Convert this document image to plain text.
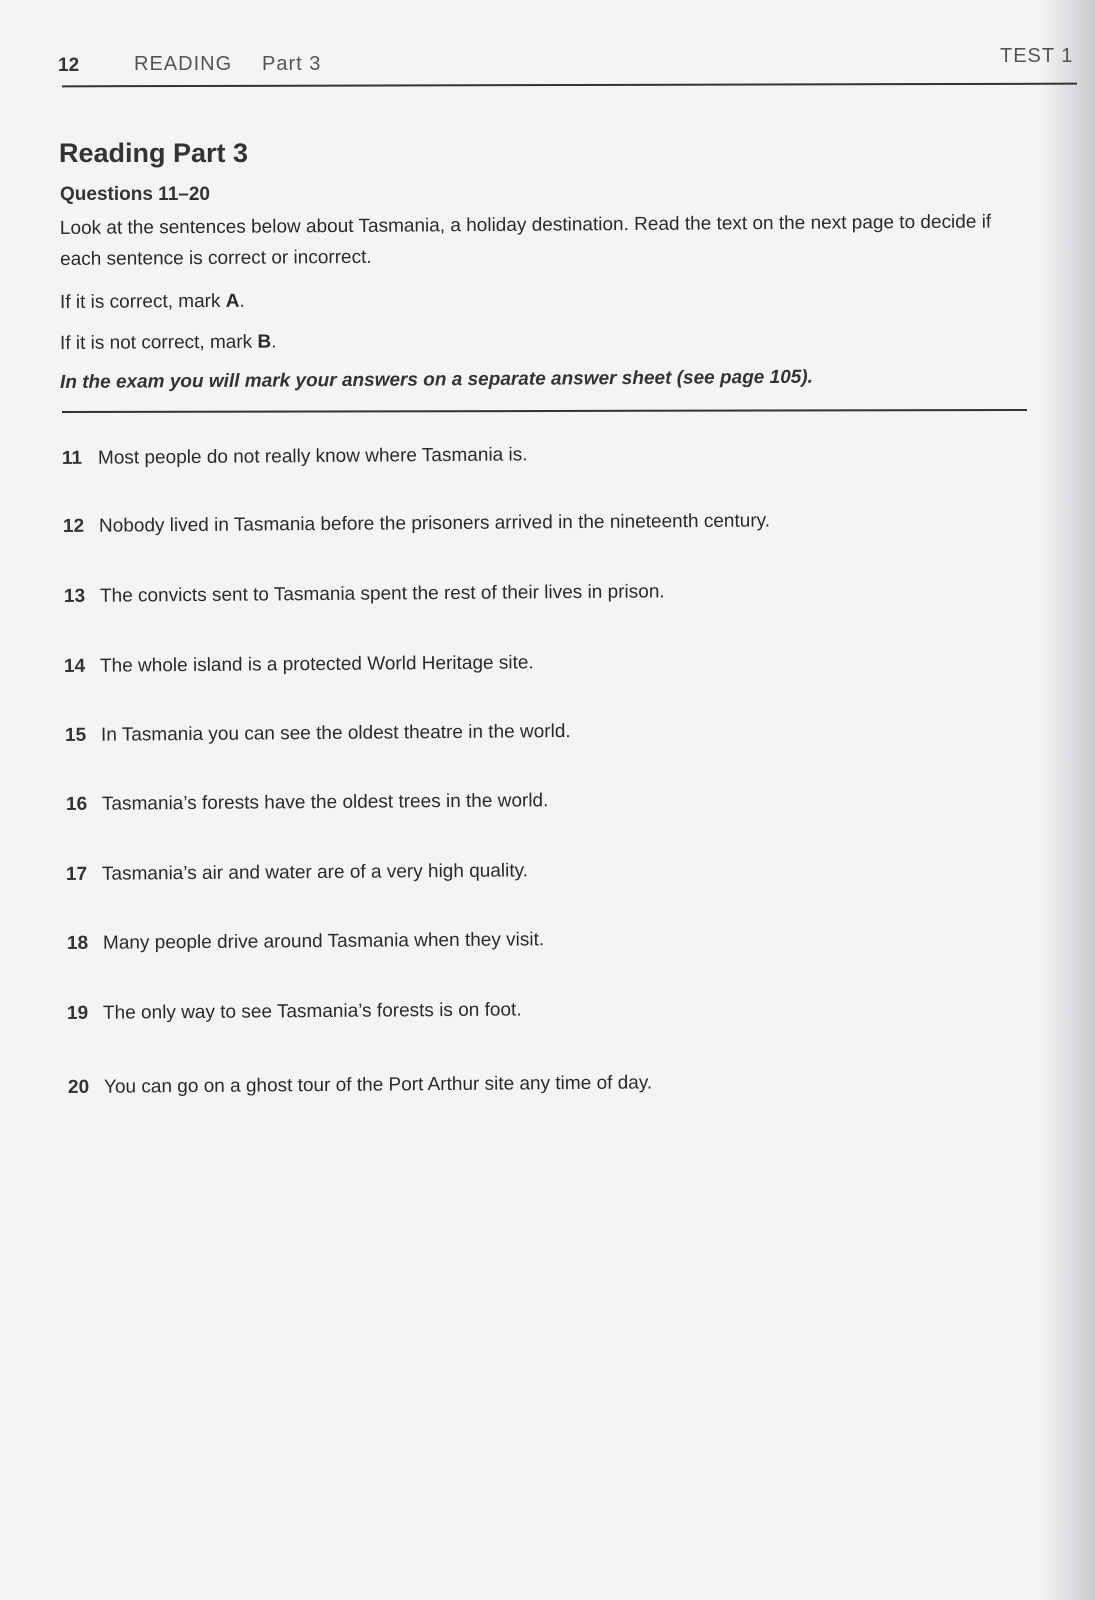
12	READING Part 3	TEST 1
Reading Part 3
Questions 11–20
Look at the sentences below about Tasmania, a holiday destination. Read the text on the next page to decide if each sentence is correct or incorrect.
If it is correct, mark A.
If it is not correct, mark B.
In the exam you will mark your answers on a separate answer sheet (see page 105).
11 Most people do not really know where Tasmania is.
12 Nobody lived in Tasmania before the prisoners arrived in the nineteenth century.
13 The convicts sent to Tasmania spent the rest of their lives in prison.
14 The whole island is a protected World Heritage site.
15 In Tasmania you can see the oldest theatre in the world.
16 Tasmania’s forests have the oldest trees in the world.
17 Tasmania’s air and water are of a very high quality.
18 Many people drive around Tasmania when they visit.
19 The only way to see Tasmania’s forests is on foot.
20 You can go on a ghost tour of the Port Arthur site any time of day.
